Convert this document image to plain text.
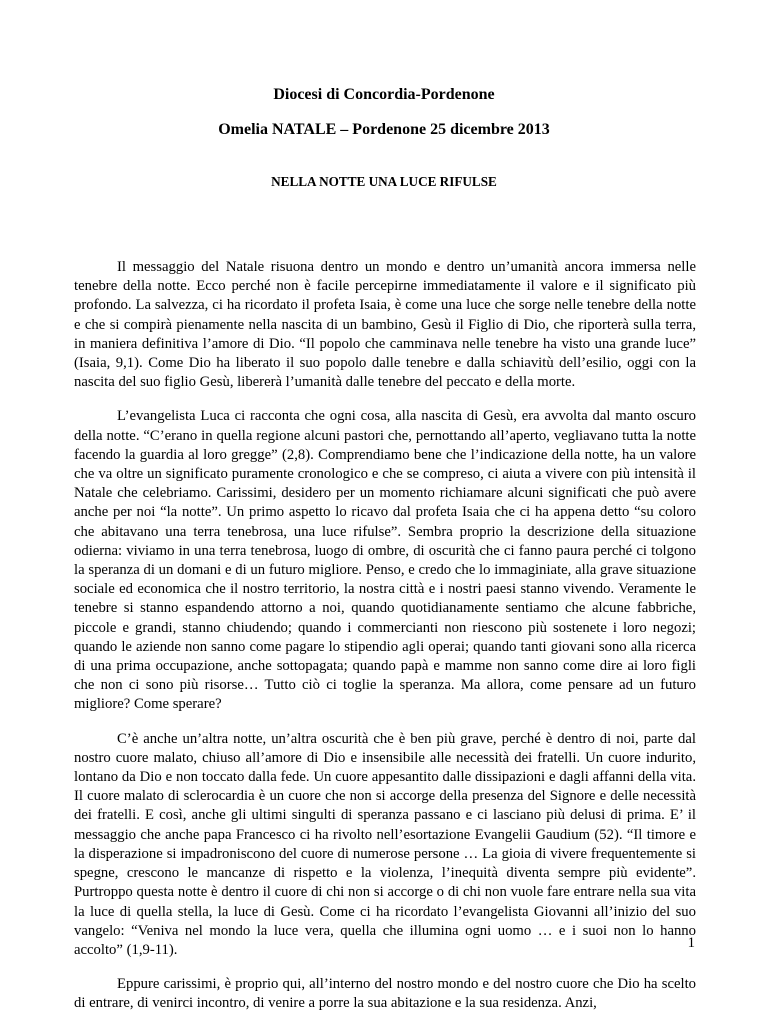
Diocesi di Concordia-Pordenone
Omelia NATALE – Pordenone 25 dicembre 2013
NELLA NOTTE UNA LUCE RIFULSE

Il messaggio del Natale risuona dentro un mondo e dentro un’umanità ancora immersa nelle tenebre della notte. Ecco perché non è facile percepirne immediatamente il valore e il significato più profondo. La salvezza, ci ha ricordato il profeta Isaia, è come una luce che sorge nelle tenebre della notte e che si compirà pienamente nella nascita di un bambino, Gesù il Figlio di Dio, che riporterà sulla terra, in maniera definitiva l’amore di Dio. “Il popolo che camminava nelle tenebre ha visto una grande luce” (Isaia, 9,1). Come Dio ha liberato il suo popolo dalle tenebre e dalla schiavitù dell’esilio, oggi con la nascita del suo figlio Gesù, libererà l’umanità dalle tenebre del peccato e della morte.

L’evangelista Luca ci racconta che ogni cosa, alla nascita di Gesù, era avvolta dal manto oscuro della notte. “C’erano in quella regione alcuni pastori che, pernottando all’aperto, vegliavano tutta la notte facendo la guardia al loro gregge” (2,8). Comprendiamo bene che l’indicazione della notte, ha un valore che va oltre un significato puramente cronologico e che se compreso, ci aiuta a vivere con più intensità il Natale che celebriamo. Carissimi, desidero per un momento richiamare alcuni significati che può avere anche per noi “la notte”. Un primo aspetto lo ricavo dal profeta Isaia che ci ha appena detto “su coloro che abitavano una terra tenebrosa, una luce rifulse”. Sembra proprio la descrizione della situazione odierna: viviamo in una terra tenebrosa, luogo di ombre, di oscurità che ci fanno paura perché ci tolgono la speranza di un domani e di un futuro migliore. Penso, e credo che lo immaginiate, alla grave situazione sociale ed economica che il nostro territorio, la nostra città e i nostri paesi stanno vivendo. Veramente le tenebre si stanno espandendo attorno a noi, quando quotidianamente sentiamo che alcune fabbriche, piccole e grandi, stanno chiudendo; quando i commercianti non riescono più sostenete i loro negozi; quando le aziende non sanno come pagare lo stipendio agli operai; quando tanti giovani sono alla ricerca di una prima occupazione, anche sottopagata; quando papà e mamme non sanno come dire ai loro figli che non ci sono più risorse… Tutto ciò ci toglie la speranza. Ma allora, come pensare ad un futuro migliore? Come sperare?

C’è anche un’altra notte, un’altra oscurità che è ben più grave, perché è dentro di noi, parte dal nostro cuore malato, chiuso all’amore di Dio e insensibile alle necessità dei fratelli. Un cuore indurito, lontano da Dio e non toccato dalla fede. Un cuore appesantito dalle dissipazioni e dagli affanni della vita. Il cuore malato di sclerocardia è un cuore che non si accorge della presenza del Signore e delle necessità dei fratelli. E così, anche gli ultimi singulti di speranza passano e ci lasciano più delusi di prima. E’ il messaggio che anche papa Francesco ci ha rivolto nell’esortazione Evangelii Gaudium (52). “Il timore e la disperazione si impadroniscono del cuore di numerose persone … La gioia di vivere frequentemente si spegne, crescono le mancanze di rispetto e la violenza, l’inequità diventa sempre più evidente”. Purtroppo questa notte è dentro il cuore di chi non si accorge o di chi non vuole fare entrare nella sua vita la luce di quella stella, la luce di Gesù. Come ci ha ricordato l’evangelista Giovanni all’inizio del suo vangelo: “Veniva nel mondo la luce vera, quella che illumina ogni uomo … e i suoi non lo hanno accolto” (1,9-11).

Eppure carissimi, è proprio qui, all’interno del nostro mondo e del nostro cuore che Dio ha scelto di entrare, di venirci incontro, di venire a porre la sua abitazione e la sua residenza. Anzi,

1
